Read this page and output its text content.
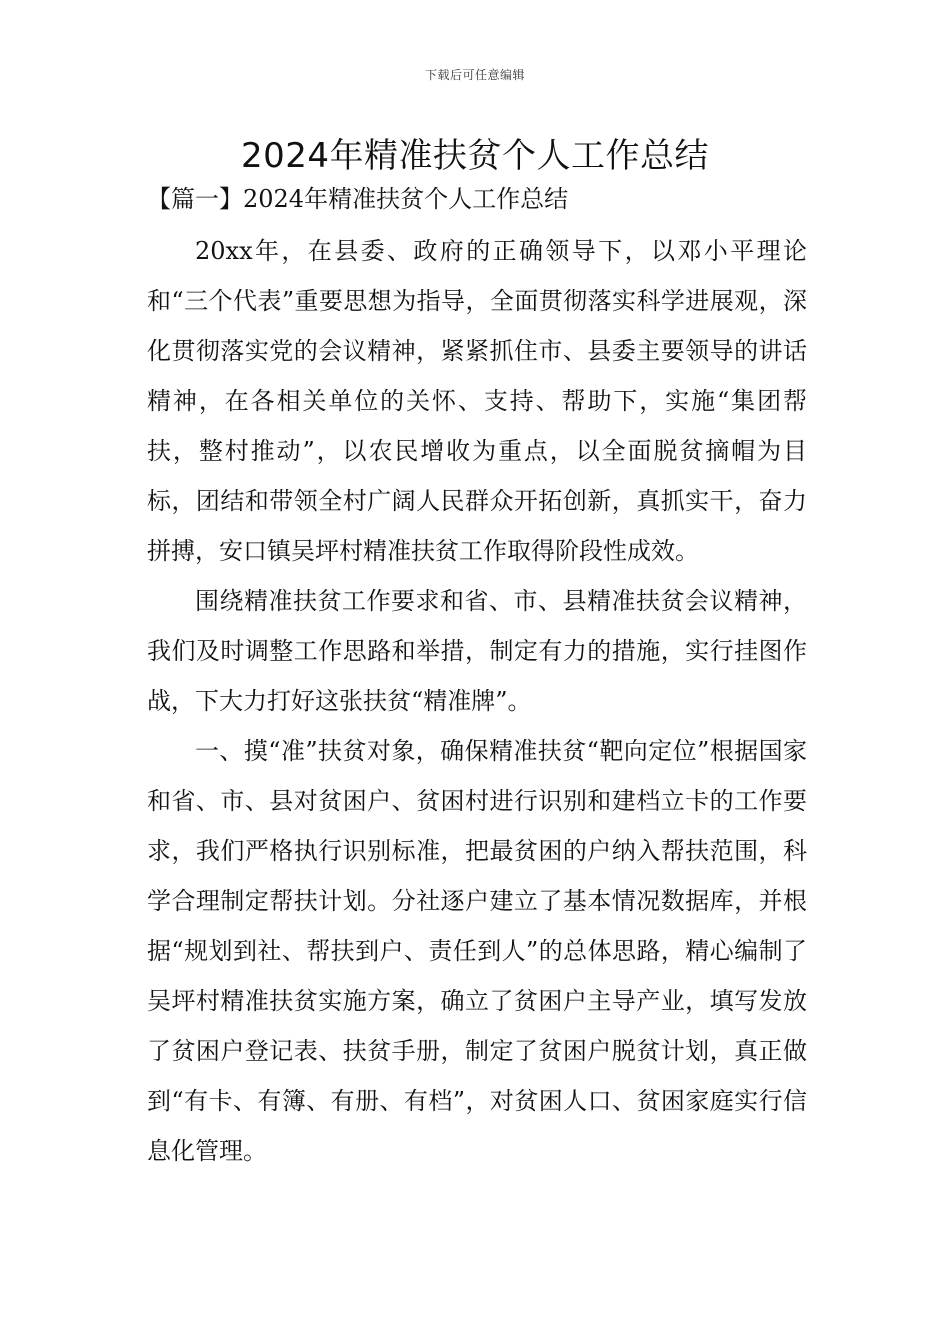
下载后可任意编辑
2024年精准扶贫个人工作总结
【篇一】2024年精准扶贫个人工作总结

20xx年，在县委、政府的正确领导下，以邓小平理论和“三个代表”重要思想为指导，全面贯彻落实科学进展观，深化贯彻落实党的会议精神，紧紧抓住市、县委主要领导的讲话精神，在各相关单位的关怀、支持、帮助下，实施“集团帮扶，整村推动”，以农民增收为重点，以全面脱贫摘帽为目标，团结和带领全村广阔人民群众开拓创新，真抓实干，奋力拼搏，安口镇吴坪村精准扶贫工作取得阶段性成效。

围绕精准扶贫工作要求和省、市、县精准扶贫会议精神，我们及时调整工作思路和举措，制定有力的措施，实行挂图作战，下大力打好这张扶贫“精准牌”。

一、摸“准”扶贫对象，确保精准扶贫“靶向定位”根据国家和省、市、县对贫困户、贫困村进行识别和建档立卡的工作要求，我们严格执行识别标准，把最贫困的户纳入帮扶范围，科学合理制定帮扶计划。分社逐户建立了基本情况数据库，并根据“规划到社、帮扶到户、责任到人”的总体思路，精心编制了吴坪村精准扶贫实施方案，确立了贫困户主导产业，填写发放了贫困户登记表、扶贫手册，制定了贫困户脱贫计划，真正做到“有卡、有簿、有册、有档”，对贫困人口、贫困家庭实行信息化管理。
